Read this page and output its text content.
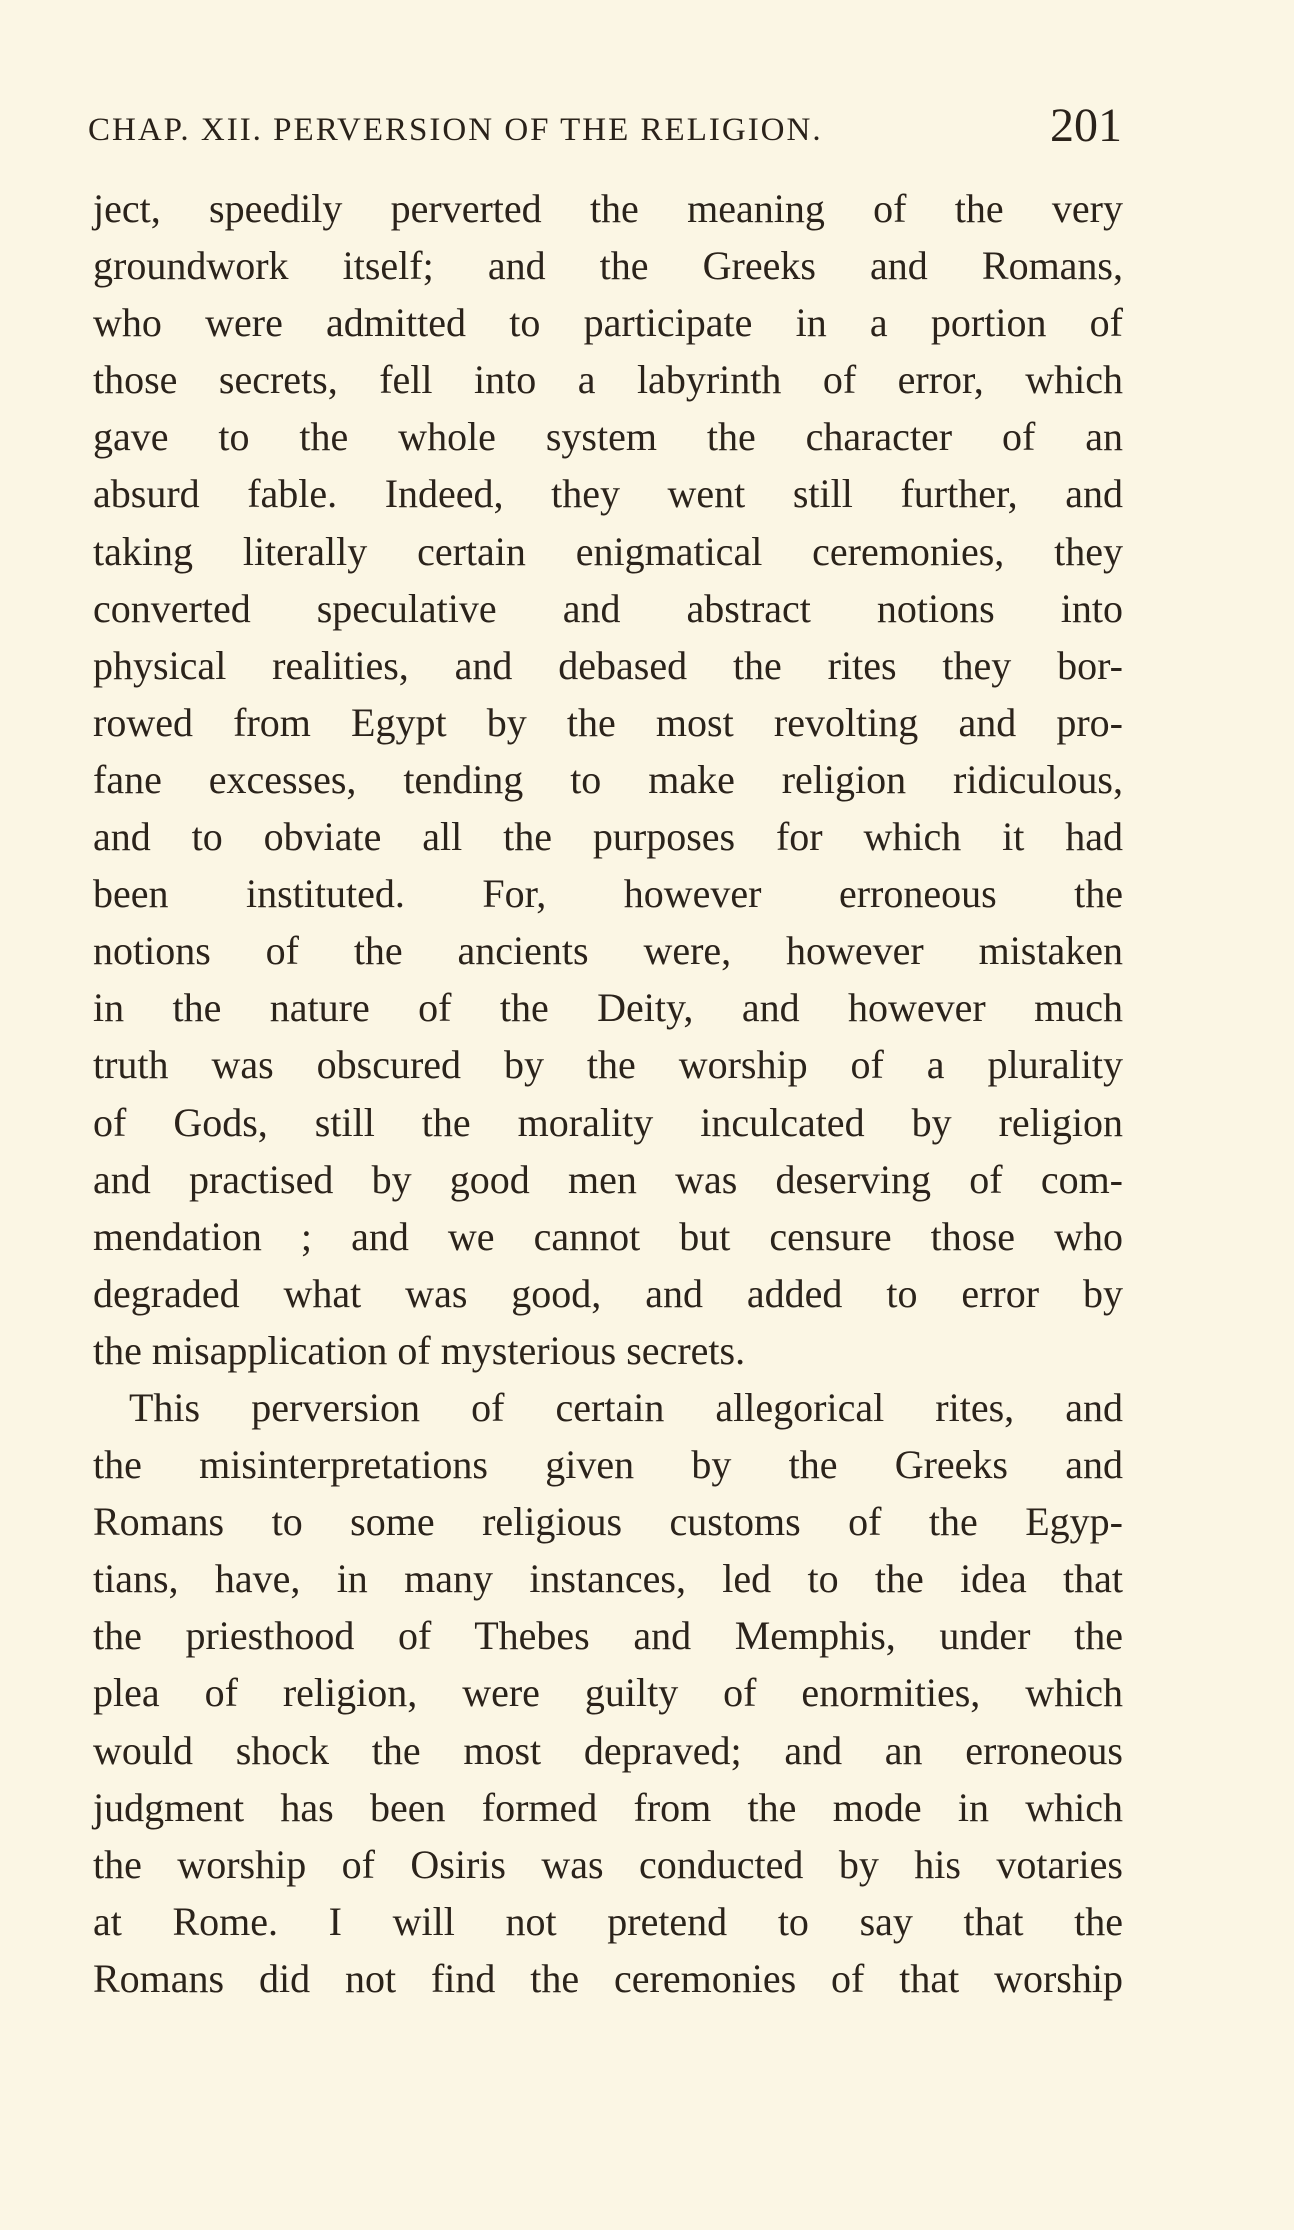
CHAP. XII. PERVERSION OF THE RELIGION.	201
ject, speedily perverted the meaning of the very
groundwork itself; and the Greeks and Romans,
who were admitted to participate in a portion of
those secrets, fell into a labyrinth of error, which
gave to the whole system the character of an
absurd fable. Indeed, they went still further, and
taking literally certain enigmatical ceremonies, they
converted speculative and abstract notions into
physical realities, and debased the rites they bor-
rowed from Egypt by the most revolting and pro-
fane excesses, tending to make religion ridiculous,
and to obviate all the purposes for which it had
been instituted. For, however erroneous the
notions of the ancients were, however mistaken
in the nature of the Deity, and however much
truth was obscured by the worship of a plurality
of Gods, still the morality inculcated by religion
and practised by good men was deserving of com-
mendation ; and we cannot but censure those who
degraded what was good, and added to error by
the misapplication of mysterious secrets.
This perversion of certain allegorical rites, and
the misinterpretations given by the Greeks and
Romans to some religious customs of the Egyp-
tians, have, in many instances, led to the idea that
the priesthood of Thebes and Memphis, under the
plea of religion, were guilty of enormities, which
would shock the most depraved; and an erroneous
judgment has been formed from the mode in which
the worship of Osiris was conducted by his votaries
at Rome. I will not pretend to say that the
Romans did not find the ceremonies of that worship
